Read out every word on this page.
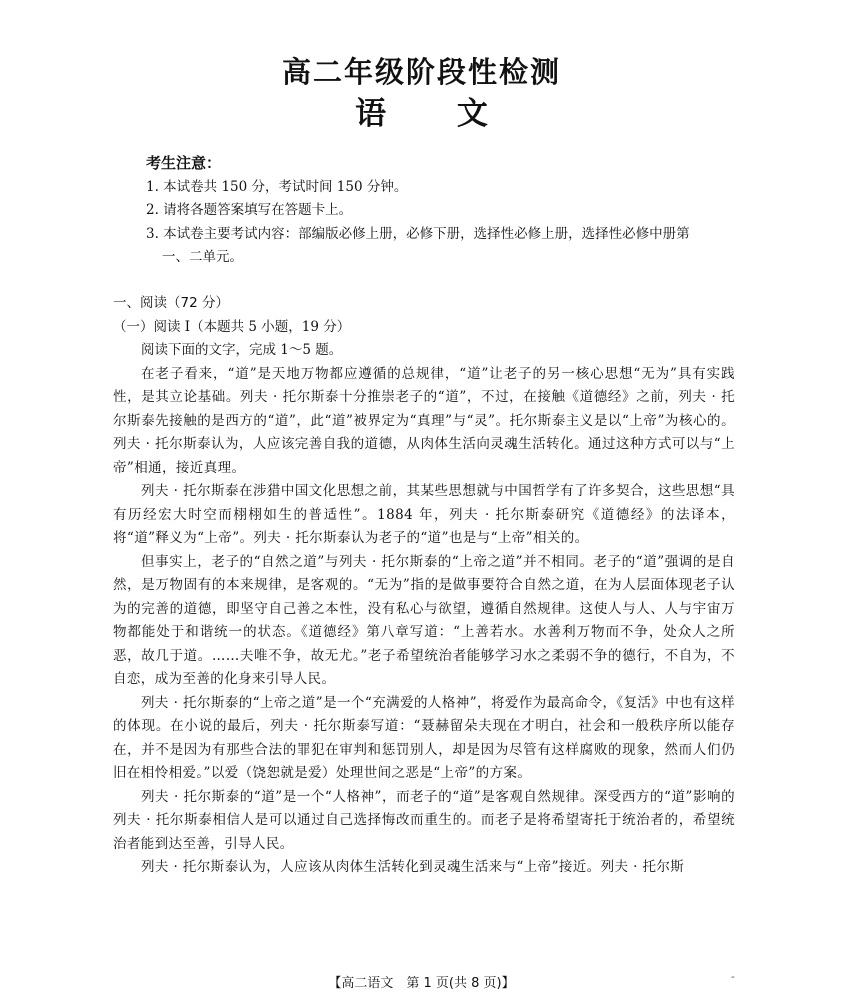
高二年级阶段性检测
语 文
考生注意：
1. 本试卷共 150 分，考试时间 150 分钟。
2. 请将各题答案填写在答题卡上。
3. 本试卷主要考试内容：部编版必修上册，必修下册，选择性必修上册，选择性必修中册第
一、二单元。
一、阅读（72 分）
（一）阅读 Ⅰ（本题共 5 小题，19 分）

阅读下面的文字，完成 1～5 题。

在老子看来，“道”是天地万物都应遵循的总规律，“道”让老子的另一核心思想“无为”具有实践性，是其立论基础。列夫 · 托尔斯泰十分推崇老子的“道”，不过，在接触《道德经》之前，列夫 · 托尔斯泰先接触的是西方的“道”，此“道”被界定为“真理”与“灵”。托尔斯泰主义是以“上帝”为核心的。列夫 · 托尔斯泰认为，人应该完善自我的道德，从肉体生活向灵魂生活转化。通过这种方式可以与“上帝”相通，接近真理。

列夫 · 托尔斯泰在涉猎中国文化思想之前，其某些思想就与中国哲学有了许多契合，这些思想“具有历经宏大时空而栩栩如生的普适性”。1884 年，列夫 · 托尔斯泰研究《道德经》的法译本，将“道”释义为“上帝”。列夫 · 托尔斯泰认为老子的“道”也是与“上帝”相关的。

但事实上，老子的“自然之道”与列夫 · 托尔斯泰的“上帝之道”并不相同。老子的“道”强调的是自然，是万物固有的本来规律，是客观的。“无为”指的是做事要符合自然之道，在为人层面体现老子认为的完善的道德，即坚守自己善之本性，没有私心与欲望，遵循自然规律。这使人与人、人与宇宙万物都能处于和谐统一的状态。《道德经》第八章写道：“上善若水。水善利万物而不争，处众人之所恶，故几于道。……夫唯不争，故无尤。”老子希望统治者能够学习水之柔弱不争的德行，不自为，不自恋，成为至善的化身来引导人民。

列夫 · 托尔斯泰的“上帝之道”是一个“充满爱的人格神”，将爱作为最高命令，《复活》中也有这样的体现。在小说的最后，列夫 · 托尔斯泰写道：“聂赫留朵夫现在才明白，社会和一般秩序所以能存在，并不是因为有那些合法的罪犯在审判和惩罚别人，却是因为尽管有这样腐败的现象，然而人们仍旧在相怜相爱。”以爱（饶恕就是爱）处理世间之恶是“上帝”的方案。

列夫 · 托尔斯泰的“道”是一个“人格神”，而老子的“道”是客观自然规律。深受西方的“道”影响的列夫 · 托尔斯泰相信人是可以通过自己选择悔改而重生的。而老子是将希望寄托于统治者的，希望统治者能到达至善，引导人民。

列夫 · 托尔斯泰认为，人应该从肉体生活转化到灵魂生活来与“上帝”接近。列夫 · 托尔斯

【高二语文　第 1 页(共 8 页)】	-
